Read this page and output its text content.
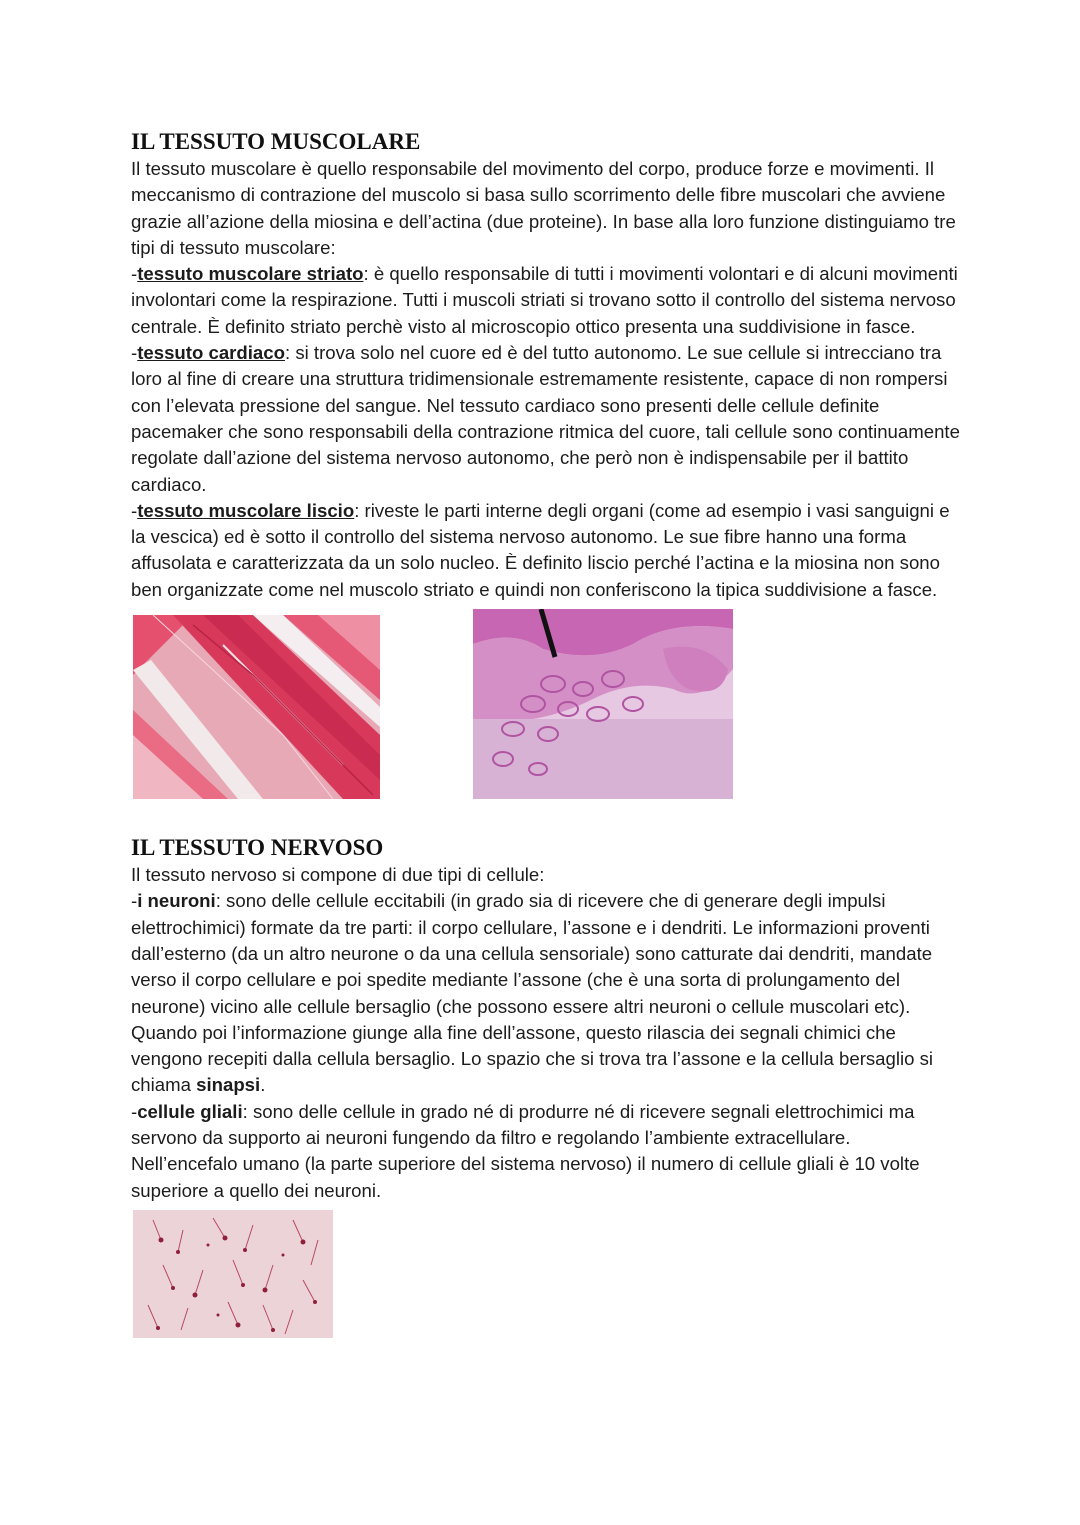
IL TESSUTO MUSCOLARE

Il tessuto muscolare è quello responsabile del movimento del corpo, produce forze e movimenti. Il meccanismo di contrazione del muscolo si basa sullo scorrimento delle fibre muscolari che avviene grazie all’azione della miosina e dell’actina (due proteine). In base alla loro funzione distinguiamo tre tipi di tessuto muscolare:

-tessuto muscolare striato: è quello responsabile di tutti i movimenti volontari e di alcuni movimenti involontari come la respirazione. Tutti i muscoli striati si trovano sotto il controllo del sistema nervoso centrale. È definito striato perchè visto al microscopio ottico presenta una suddivisione in fasce.

-tessuto cardiaco: si trova solo nel cuore ed è del tutto autonomo. Le sue cellule si intrecciano tra loro al fine di creare una struttura tridimensionale estremamente resistente, capace di non rompersi con l’elevata pressione del sangue. Nel tessuto cardiaco sono presenti delle cellule definite pacemaker che sono responsabili della contrazione ritmica del cuore, tali cellule sono continuamente regolate dall’azione del sistema nervoso autonomo, che però non è indispensabile per il battito cardiaco.

-tessuto muscolare liscio: riveste le parti interne degli organi (come ad esempio i vasi sanguigni e la vescica) ed è sotto il controllo del sistema nervoso autonomo. Le sue fibre hanno una forma affusolata e caratterizzata da un solo nucleo. È definito liscio perché l’actina e la miosina non sono ben organizzate come nel muscolo striato e quindi non conferiscono la tipica suddivisione a fasce.

IL TESSUTO NERVOSO

Il tessuto nervoso si compone di due tipi di cellule:

-i neuroni: sono delle cellule eccitabili (in grado sia di ricevere che di generare degli impulsi elettrochimici) formate da tre parti: il corpo cellulare, l’assone e i dendriti. Le informazioni proventi dall’esterno (da un altro neurone o da una cellula sensoriale) sono catturate dai dendriti, mandate verso il corpo cellulare e poi spedite mediante l’assone (che è una sorta di prolungamento del neurone) vicino alle cellule bersaglio (che possono essere altri neuroni o cellule muscolari etc). Quando poi l’informazione giunge alla fine dell’assone, questo rilascia dei segnali chimici che vengono recepiti dalla cellula bersaglio. Lo spazio che si trova tra l’assone e la cellula bersaglio si chiama sinapsi.

-cellule gliali: sono delle cellule in grado né di produrre né di ricevere segnali elettrochimici ma servono da supporto ai neuroni fungendo da filtro e regolando l’ambiente extracellulare. Nell’encefalo umano (la parte superiore del sistema nervoso) il numero di cellule gliali è 10 volte superiore a quello dei neuroni.
